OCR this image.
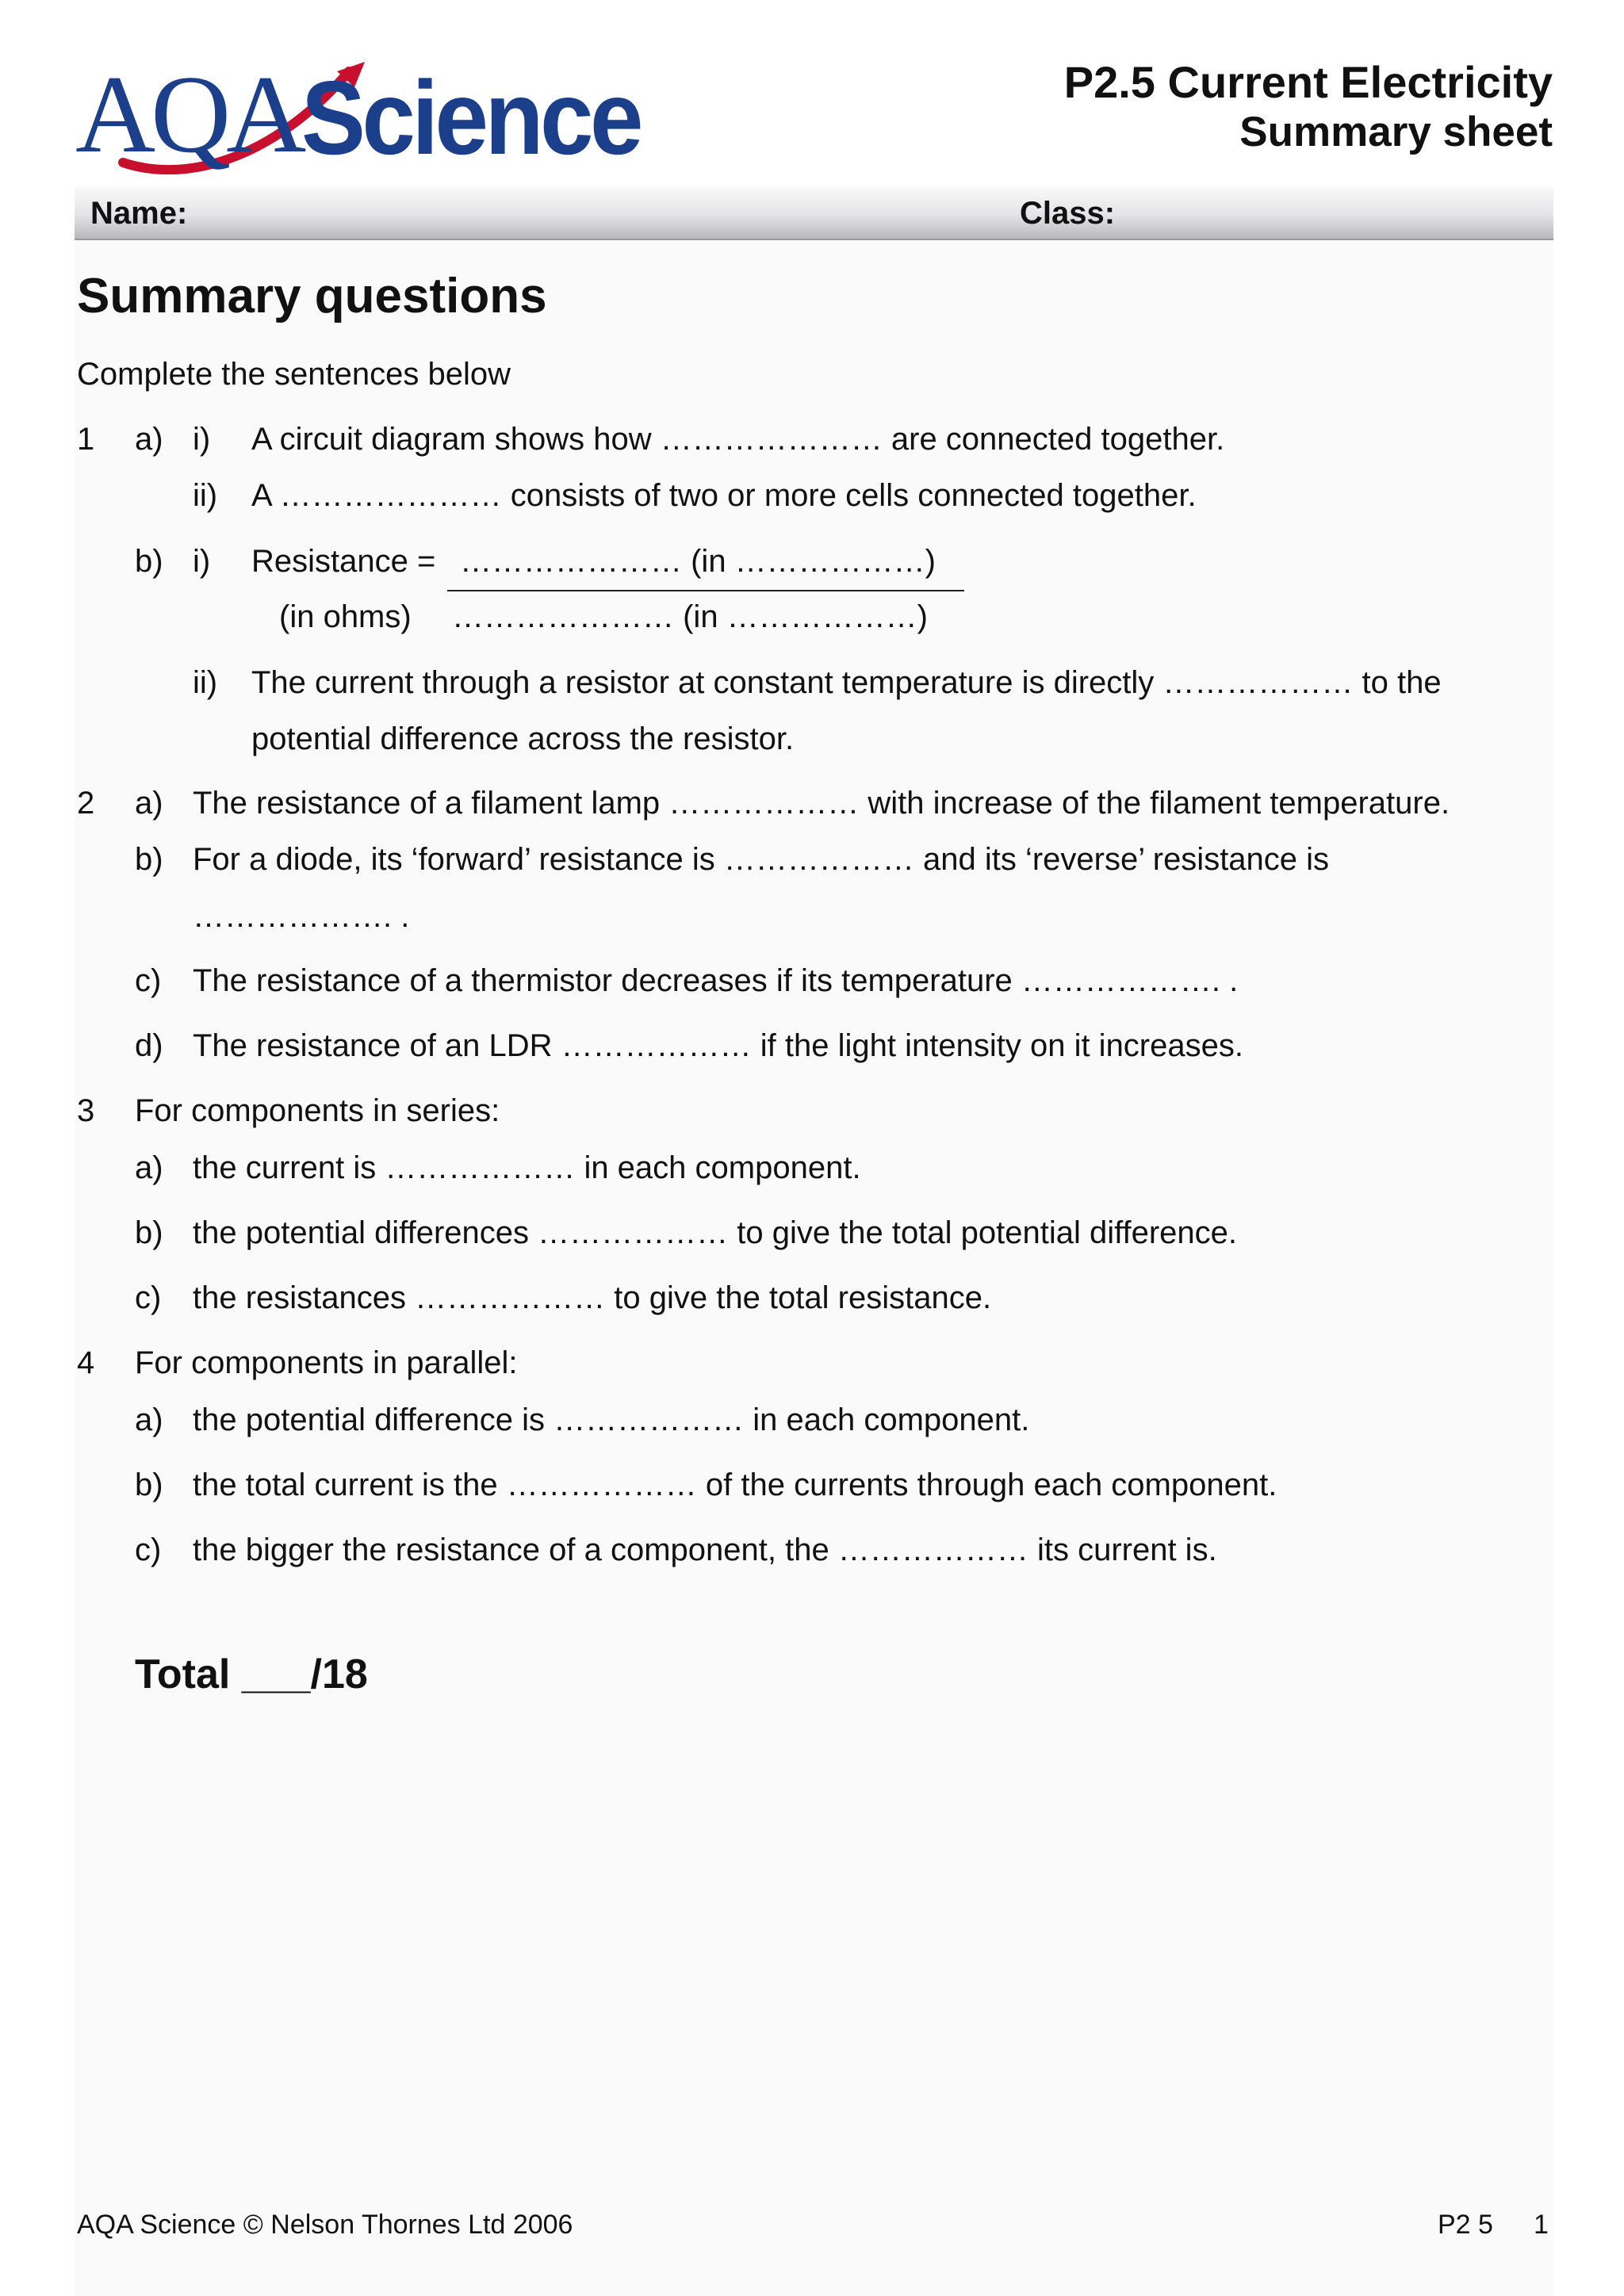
AQA Science	P2.5 Current Electricity
Summary sheet
Name:	Class:
Summary questions
Complete the sentences below
1 a) i) A circuit diagram shows how ………………… are connected together.
ii) A ………………… consists of two or more cells connected together.
b) i) Resistance = ………………… (in ………………)
(in ohms) ………………… (in ………………)
ii) The current through a resistor at constant temperature is directly ……………… to the
potential difference across the resistor.
2 a) The resistance of a filament lamp ……………… with increase of the filament temperature.
b) For a diode, its ‘forward’ resistance is ……………… and its ‘reverse’ resistance is
………………. .
c) The resistance of a thermistor decreases if its temperature ………………. .
d) The resistance of an LDR ……………… if the light intensity on it increases.
3 For components in series:
a) the current is ……………… in each component.
b) the potential differences ……………… to give the total potential difference.
c) the resistances ……………… to give the total resistance.
4 For components in parallel:
a) the potential difference is ……………… in each component.
b) the total current is the ……………… of the currents through each component.
c) the bigger the resistance of a component, the ……………… its current is.
Total ___/18
AQA Science © Nelson Thornes Ltd 2006	P2 5 1
